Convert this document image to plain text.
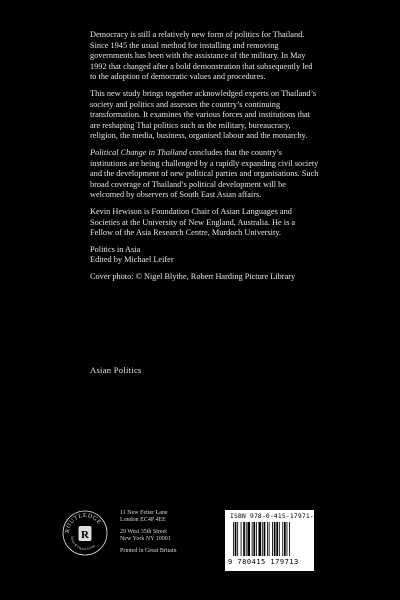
Democracy is still a relatively new form of politics for Thailand. Since 1945 the usual method for installing and removing governments has been with the assistance of the military. In May 1992 that changed after a bold demonstration that subsequently led to the adoption of democratic values and procedures.

This new study brings together acknowledged experts on Thailand’s society and politics and assesses the country’s continuing transformation. It examines the various forces and institutions that are reshaping Thai politics such as the military, bureaucracy, religion, the media, business, organised labour and the monarchy.

Political Change in Thailand concludes that the country’s institutions are being challenged by a rapidly expanding civil society and the development of new political parties and organisations. Such broad coverage of Thailand’s political development will be welcomed by observers of South East Asian affairs.

Kevin Hewison is Foundation Chair of Asian Languages and Societies at the University of New England, Australia. He is a Fellow of the Asia Research Centre, Murdoch University.

Politics in Asia
Edited by Michael Leifer
Cover photo: © Nigel Blythe, Robert Harding Picture Library
Asian Politics
ROUTLEDGE
Taylor & Francis Group
R
11 New Fetter Lane
London EC4P 4EE
29 West 35th Street
New York NY 10001
Printed in Great Britain
ISBN 978-0-415-17971-3
9 780415 179713
